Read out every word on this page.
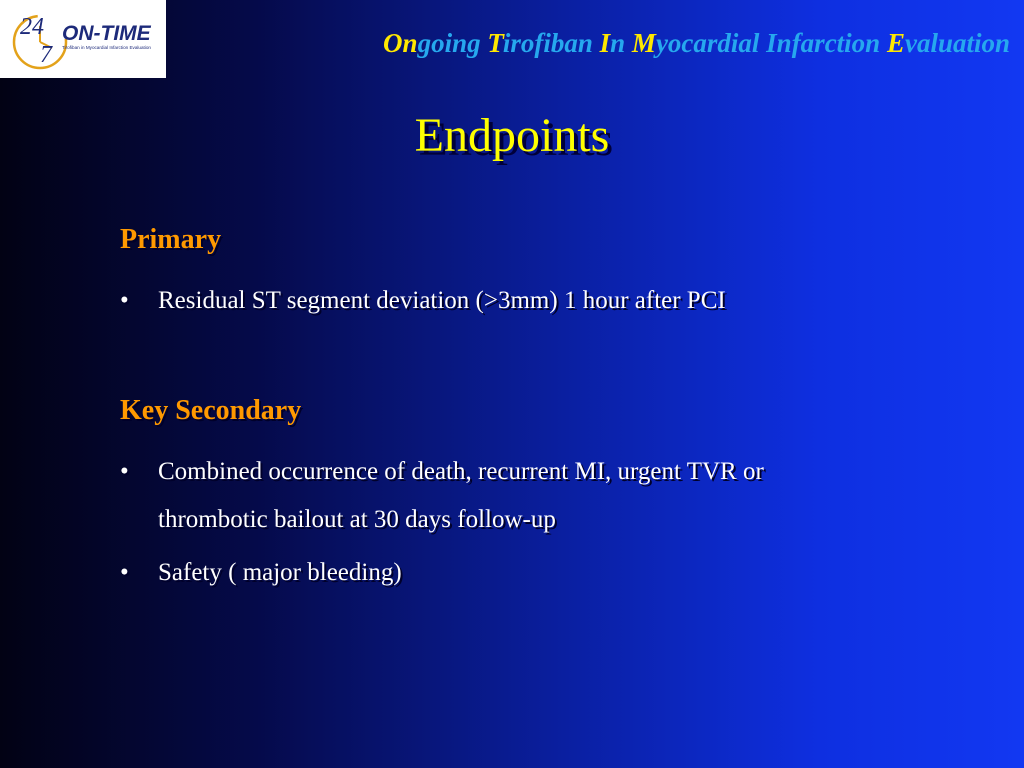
24
7
ON-TIME
Tirofiban in Myocardial Infarction Evaluation	Ongoing Tirofiban In Myocardial Infarction Evaluation
Endpoints
Primary
• Residual ST segment deviation (>3mm) 1 hour after PCI
Key Secondary
• Combined occurrence of death, recurrent MI, urgent TVR or thrombotic bailout at 30 days follow-up
• Safety ( major bleeding)
